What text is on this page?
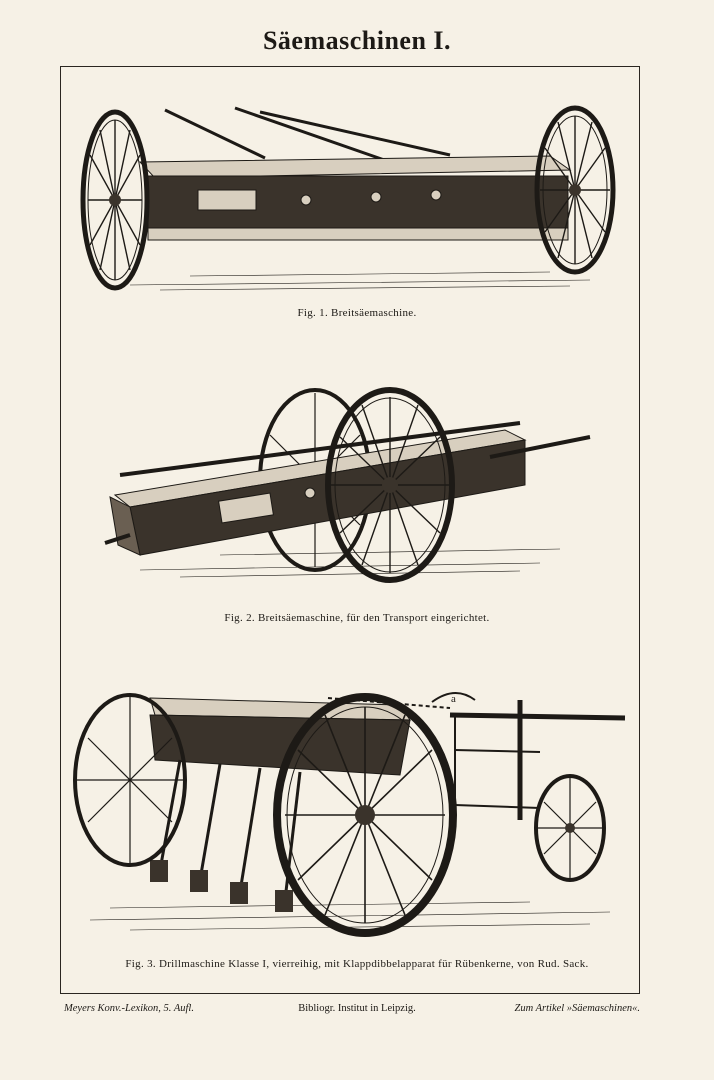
Säemaschinen I.
Fig. 1. Breitsäemaschine.
Fig. 2. Breitsäemaschine, für den Transport eingerichtet.
a
Fig. 3. Drillmaschine Klasse I, vierreihig, mit Klappdibbelapparat für Rübenkerne, von Rud. Sack.
Meyers Konv.-Lexikon, 5. Aufl.	Bibliogr. Institut in Leipzig.	Zum Artikel »Säemaschinen«.
